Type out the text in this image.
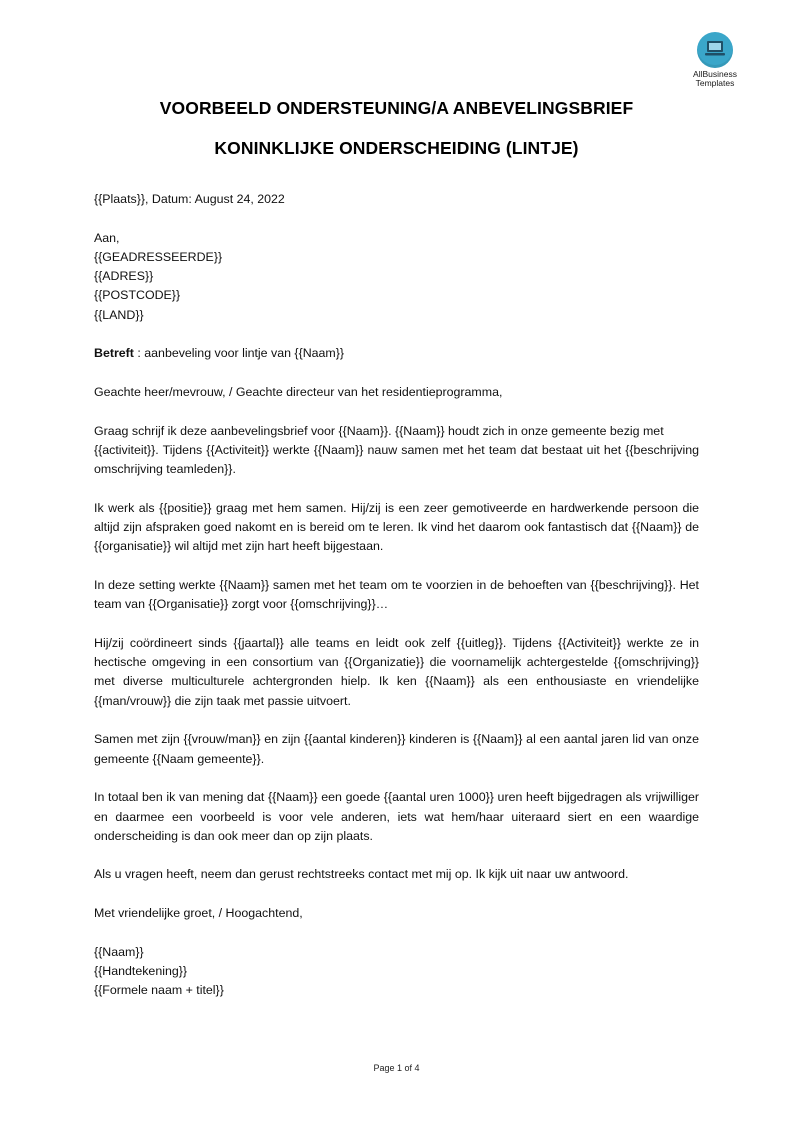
AllBusiness
Templates
VOORBEELD ONDERSTEUNING/A ANBEVELINGSBRIEF
KONINKLIJKE ONDERSCHEIDING (LINTJE)

{{Plaats}}, Datum: August 24, 2022

Aan,

{{GEADRESSEERDE}}

{{ADRES}}

{{POSTCODE}}

{{LAND}}

Betreft : aanbeveling voor lintje van {{Naam}}

Geachte heer/mevrouw, / Geachte directeur van het residentieprogramma,

Graag schrijf ik deze aanbevelingsbrief voor {{Naam}}. {{Naam}} houdt zich in onze gemeente bezig met

{{activiteit}}. Tijdens {{Activiteit}} werkte {{Naam}} nauw samen met het team dat bestaat uit het {{beschrijving omschrijving teamleden}}.

Ik werk als {{positie}} graag met hem samen. Hij/zij is een zeer gemotiveerde en hardwerkende persoon die altijd zijn afspraken goed nakomt en is bereid om te leren. Ik vind het daarom ook fantastisch dat {{Naam}} de {{organisatie}} wil altijd met zijn hart heeft bijgestaan.

In deze setting werkte {{Naam}} samen met het team om te voorzien in de behoeften van {{beschrijving}}. Het team van {{Organisatie}} zorgt voor {{omschrijving}}…

Hij/zij coördineert sinds {{jaartal}} alle teams en leidt ook zelf {{uitleg}}. Tijdens {{Activiteit}} werkte ze in hectische omgeving in een consortium van {{Organizatie}} die voornamelijk achtergestelde {{omschrijving}} met diverse multiculturele achtergronden hielp. Ik ken {{Naam}} als een enthousiaste en vriendelijke {{man/vrouw}} die zijn taak met passie uitvoert.

Samen met zijn {{vrouw/man}} en zijn {{aantal kinderen}} kinderen is {{Naam}} al een aantal jaren lid van onze gemeente {{Naam gemeente}}.

In totaal ben ik van mening dat {{Naam}} een goede {{aantal uren 1000}} uren heeft bijgedragen als vrijwilliger en daarmee een voorbeeld is voor vele anderen, iets wat hem/haar uiteraard siert en een waardige onderscheiding is dan ook meer dan op zijn plaats.

Als u vragen heeft, neem dan gerust rechtstreeks contact met mij op. Ik kijk uit naar uw antwoord.

Met vriendelijke groet, / Hoogachtend,

{{Naam}}

{{Handtekening}}

{{Formele naam + titel}}

Page 1 of 4
